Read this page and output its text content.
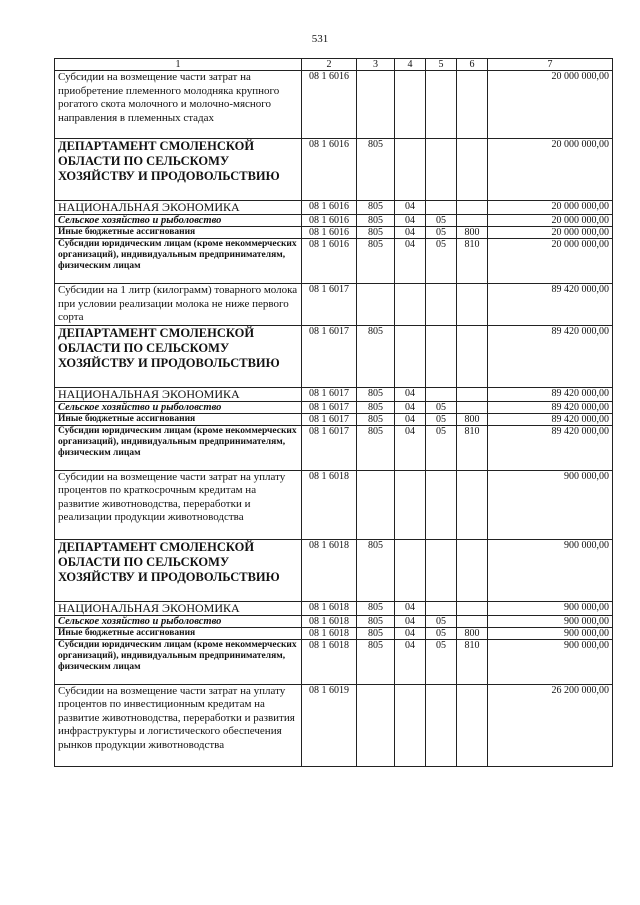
531
1	2	3	4	5	6	7
Субсидии на возмещение части затрат на приобретение племенного молодняка крупного рогатого скота молочного и молочно-мясного направления в племенных стадах	08 1 6016					20 000 000,00
ДЕПАРТАМЕНТ СМОЛЕНСКОЙ ОБЛАСТИ ПО СЕЛЬСКОМУ ХОЗЯЙСТВУ И ПРОДОВОЛЬСТВИЮ	08 1 6016	805				20 000 000,00
НАЦИОНАЛЬНАЯ ЭКОНОМИКА	08 1 6016	805	04			20 000 000,00
Сельское хозяйство и рыболовство	08 1 6016	805	04	05		20 000 000,00
Иные бюджетные ассигнования	08 1 6016	805	04	05	800	20 000 000,00
Субсидии юридическим лицам (кроме некоммерческих организаций), индивидуальным предпринимателям, физическим лицам	08 1 6016	805	04	05	810	20 000 000,00
Субсидии на 1 литр (килограмм) товарного молока при условии реализации молока не ниже первого сорта	08 1 6017					89 420 000,00
ДЕПАРТАМЕНТ СМОЛЕНСКОЙ ОБЛАСТИ ПО СЕЛЬСКОМУ ХОЗЯЙСТВУ И ПРОДОВОЛЬСТВИЮ	08 1 6017	805				89 420 000,00
НАЦИОНАЛЬНАЯ ЭКОНОМИКА	08 1 6017	805	04			89 420 000,00
Сельское хозяйство и рыболовство	08 1 6017	805	04	05		89 420 000,00
Иные бюджетные ассигнования	08 1 6017	805	04	05	800	89 420 000,00
Субсидии юридическим лицам (кроме некоммерческих организаций), индивидуальным предпринимателям, физическим лицам	08 1 6017	805	04	05	810	89 420 000,00
Субсидии на возмещение части затрат на уплату процентов по краткосрочным кредитам на развитие животноводства, переработки и реализации продукции животноводства	08 1 6018					900 000,00
ДЕПАРТАМЕНТ СМОЛЕНСКОЙ ОБЛАСТИ ПО СЕЛЬСКОМУ ХОЗЯЙСТВУ И ПРОДОВОЛЬСТВИЮ	08 1 6018	805				900 000,00
НАЦИОНАЛЬНАЯ ЭКОНОМИКА	08 1 6018	805	04			900 000,00
Сельское хозяйство и рыболовство	08 1 6018	805	04	05		900 000,00
Иные бюджетные ассигнования	08 1 6018	805	04	05	800	900 000,00
Субсидии юридическим лицам (кроме некоммерческих организаций), индивидуальным предпринимателям, физическим лицам	08 1 6018	805	04	05	810	900 000,00
Субсидии на возмещение части затрат на уплату процентов по инвестиционным кредитам на развитие животноводства, переработки и развития инфраструктуры и логистического обеспечения рынков продукции животноводства	08 1 6019					26 200 000,00
